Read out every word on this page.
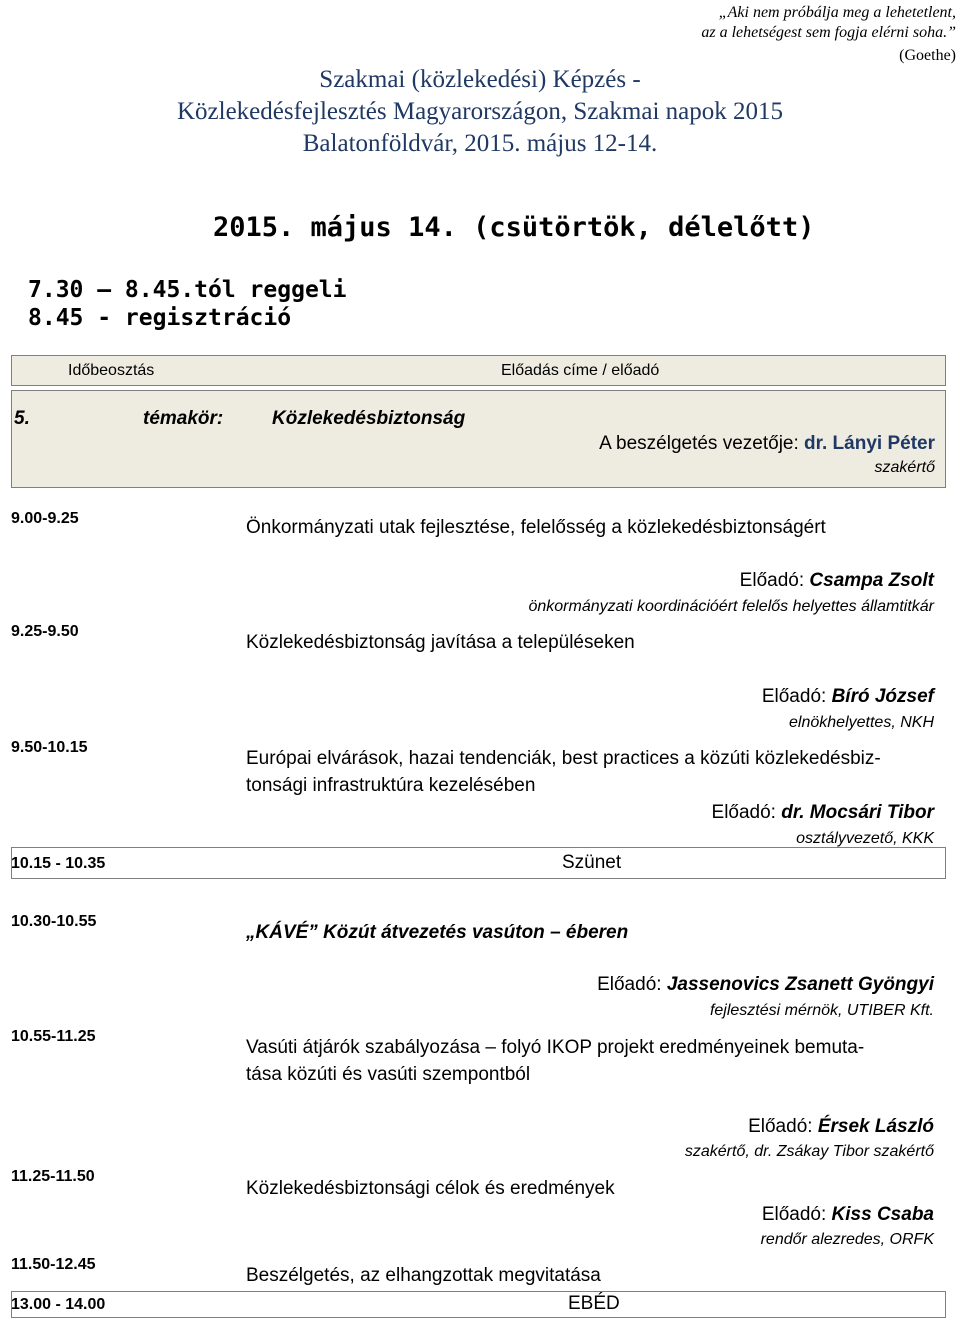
„Aki nem próbálja meg a lehetetlent,
az a lehetségest sem fogja elérni soha.”
(Goethe)
Szakmai (közlekedési) Képzés -
Közlekedésfejlesztés Magyarországon, Szakmai napok 2015
Balatonföldvár, 2015. május 12-14.
2015. május 14. (csütörtök, délelőtt)
7.30 – 8.45.tól reggeli
8.45 - regisztráció
Időbeosztás	Előadás címe / előadó
5.	témakör:	Közlekedésbiztonság
A beszélgetés vezetője: dr. Lányi Péter
szakértő
9.00-9.25	Önkormányzati utak fejlesztése, felelősség a közlekedésbiztonságért
Előadó: Csampa Zsolt
önkormányzati koordinációért felelős helyettes államtitkár
9.25-9.50
Közlekedésbiztonság javítása a településeken
Előadó: Bíró József
elnökhelyettes, NKH
9.50-10.15
Európai elvárások, hazai tendenciák, best practices a közúti közlekedésbiz-
tonsági infrastruktúra kezelésében
Előadó: dr. Mocsári Tibor
osztályvezető, KKK
10.15 - 10.35	Szünet
10.30-10.55
„KÁVÉ” Közút átvezetés vasúton – éberen
Előadó: Jassenovics Zsanett Gyöngyi
fejlesztési mérnök, UTIBER Kft.
10.55-11.25
Vasúti átjárók szabályozása – folyó IKOP projekt eredményeinek bemuta-
tása közúti és vasúti szempontból
Előadó: Érsek László
szakértő, dr. Zsákay Tibor szakértő
11.25-11.50
Közlekedésbiztonsági célok és eredmények
Előadó: Kiss Csaba
rendőr alezredes, ORFK
11.50-12.45
Beszélgetés, az elhangzottak megvitatása
13.00 - 14.00	EBÉD
